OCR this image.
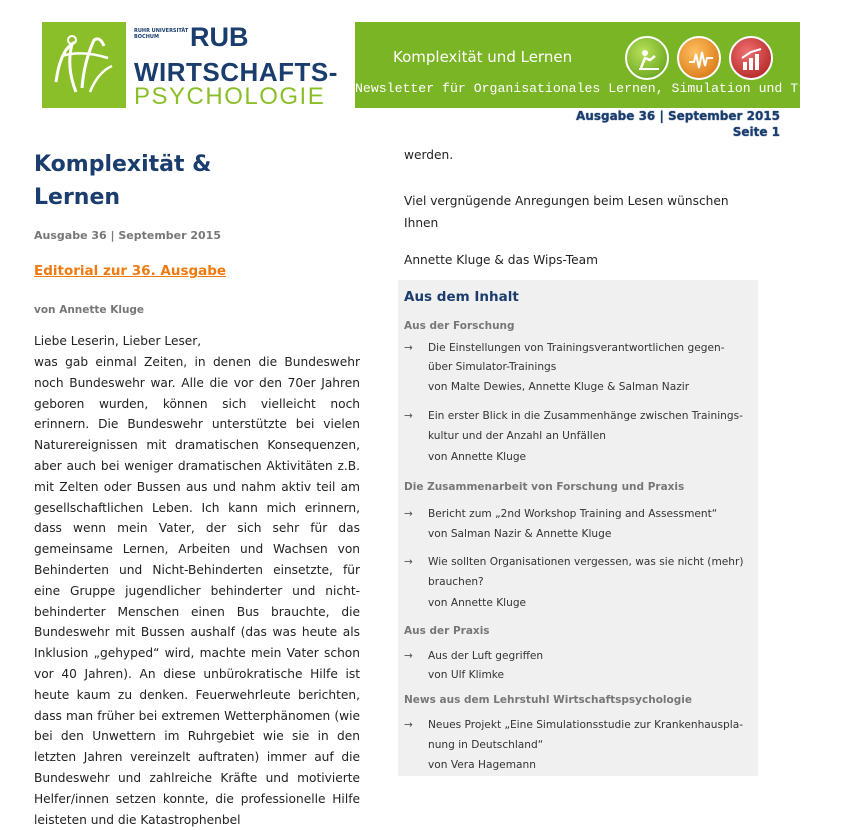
RUHR UNIVERSITÄT BOCHUM	RUB
WIRTSCHAFTS-
PSYCHOLOGIE
Komplexität und Lernen
Newsletter für Organisationales Lernen, Simulation und Training
Ausgabe 36 | September 2015
Seite 1
Komplexität &
Lernen
Ausgabe 36 | September 2015
Editorial zur 36. Ausgabe
von Annette Kluge
Liebe Leserin, Lieber Leser,
was gab einmal Zeiten, in denen die Bundeswehr noch Bundeswehr war. Alle die vor den 70er Jahren geboren wurden, können sich vielleicht noch erinnern. Die Bundeswehr unterstützte bei vielen Naturereignissen mit dramatischen Konsequenzen, aber auch bei weniger dramatischen Aktivitäten z.B. mit Zelten oder Bussen aus und nahm aktiv teil am gesellschaftlichen Leben. Ich kann mich erinnern, dass wenn mein Vater, der sich sehr für das gemeinsame Lernen, Arbeiten und Wachsen von Behinderten und Nicht-Behinderten einsetzte, für eine Gruppe jugendlicher behinderter und nicht-behinderter Menschen einen Bus brauchte, die Bundeswehr mit Bussen aushalf (das was heute als Inklusion „gehyped“ wird, machte mein Vater schon vor 40 Jahren). An diese unbürokratische Hilfe ist heute kaum zu denken. Feuerwehrleute berichten, dass man früher bei extremen Wetterphänomen (wie bei den Unwettern im Ruhrgebiet wie sie in den letzten Jahren vereinzelt auftraten) immer auf die Bundeswehr und zahlreiche Kräfte und motivierte Helfer/innen setzen konnte, die professionelle Hilfe leisteten und die Katastrophenbel
werden.
Viel vergnügende Anregungen beim Lesen wünschen Ihnen
Annette Kluge & das Wips-Team
Aus dem Inhalt
Aus der Forschung
→ Die Einstellungen von Trainingsverantwortlichen gegen-
über Simulator-Trainings
von Malte Dewies, Annette Kluge & Salman Nazir
→ Ein erster Blick in die Zusammenhänge zwischen Trainings-
kultur und der Anzahl an Unfällen
von Annette Kluge
Die Zusammenarbeit von Forschung und Praxis
→ Bericht zum „2nd Workshop Training and Assessment“
von Salman Nazir & Annette Kluge
→ Wie sollten Organisationen vergessen, was sie nicht (mehr)
brauchen?
von Annette Kluge
Aus der Praxis
→ Aus der Luft gegriffen
von Ulf Klimke
News aus dem Lehrstuhl Wirtschaftspsychologie
→ Neues Projekt „Eine Simulationsstudie zur Krankenhauspla-
nung in Deutschland“
von Vera Hagemann
